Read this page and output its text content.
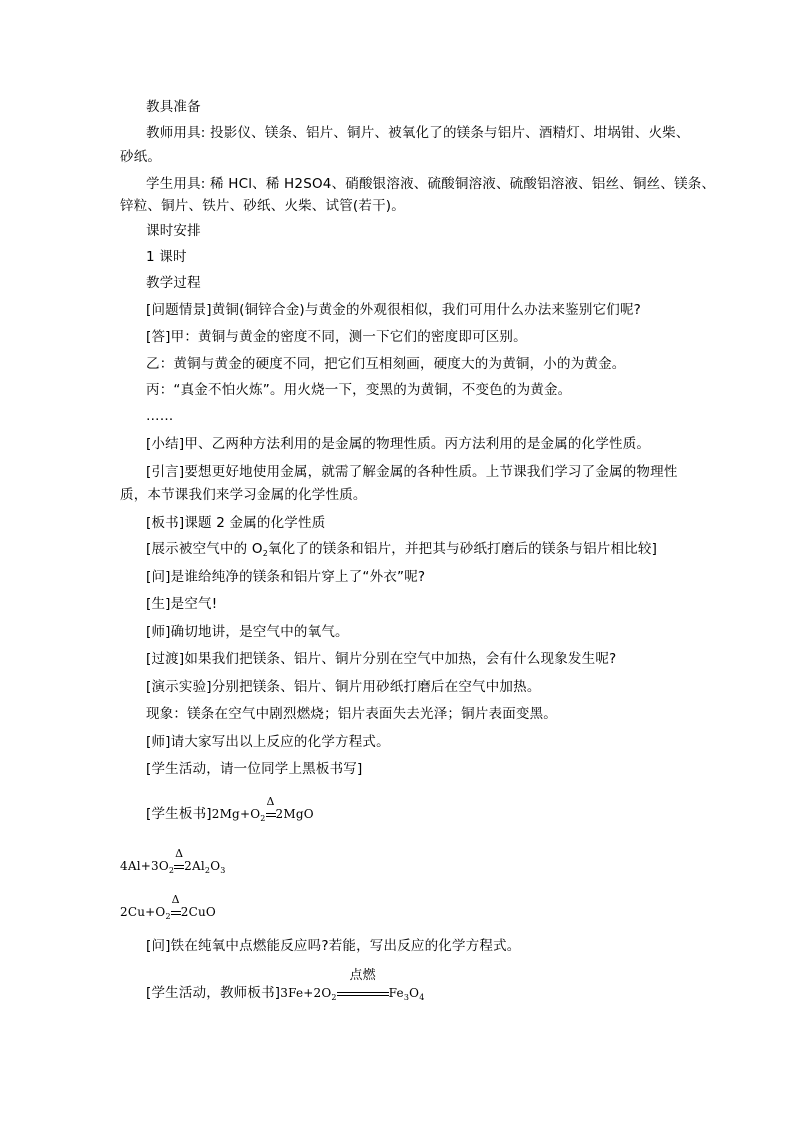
教具准备
教师用具: 投影仪、镁条、铝片、铜片、被氧化了的镁条与铝片、酒精灯、坩埚钳、火柴、
砂纸。
学生用具: 稀 HCl、稀 H2SO4、硝酸银溶液、硫酸铜溶液、硫酸铝溶液、铝丝、铜丝、镁条、
锌粒、铜片、铁片、砂纸、火柴、试管(若干)。
课时安排
1 课时
教学过程
[问题情景]黄铜(铜锌合金)与黄金的外观很相似，我们可用什么办法来鉴别它们呢?
[答]甲：黄铜与黄金的密度不同，测一下它们的密度即可区别。
乙：黄铜与黄金的硬度不同，把它们互相刻画，硬度大的为黄铜，小的为黄金。
丙：“真金不怕火炼”。用火烧一下，变黑的为黄铜，不变色的为黄金。
……
[小结]甲、乙两种方法利用的是金属的物理性质。丙方法利用的是金属的化学性质。
[引言]要想更好地使用金属，就需了解金属的各种性质。上节课我们学习了金属的物理性
质，本节课我们来学习金属的化学性质。
[板书]课题 2 金属的化学性质
[展示被空气中的 $O_2$氧化了的镁条和铝片，并把其与砂纸打磨后的镁条与铝片相比较]
[问]是谁给纯净的镁条和铝片穿上了“外衣”呢?
[生]是空气!
[师]确切地讲，是空气中的氧气。
[过渡]如果我们把镁条、铝片、铜片分别在空气中加热，会有什么现象发生呢?
[演示实验]分别把镁条、铝片、铜片用砂纸打磨后在空气中加热。
现象：镁条在空气中剧烈燃烧；铝片表面失去光泽；铜片表面变黑。
[师]请大家写出以上反应的化学方程式。
[学生活动，请一位同学上黑板书写]
[学生板书]$2Mg+O_2$
Δ
2MgO
$4Al+3O_2$
Δ
$2Al_2O_3$
$2Cu+O_2$
Δ
2CuO
[问]铁在纯氧中点燃能反应吗?若能，写出反应的化学方程式。
[学生活动，教师板书]$3Fe+2O_2$
点燃
$Fe_3O_4$
